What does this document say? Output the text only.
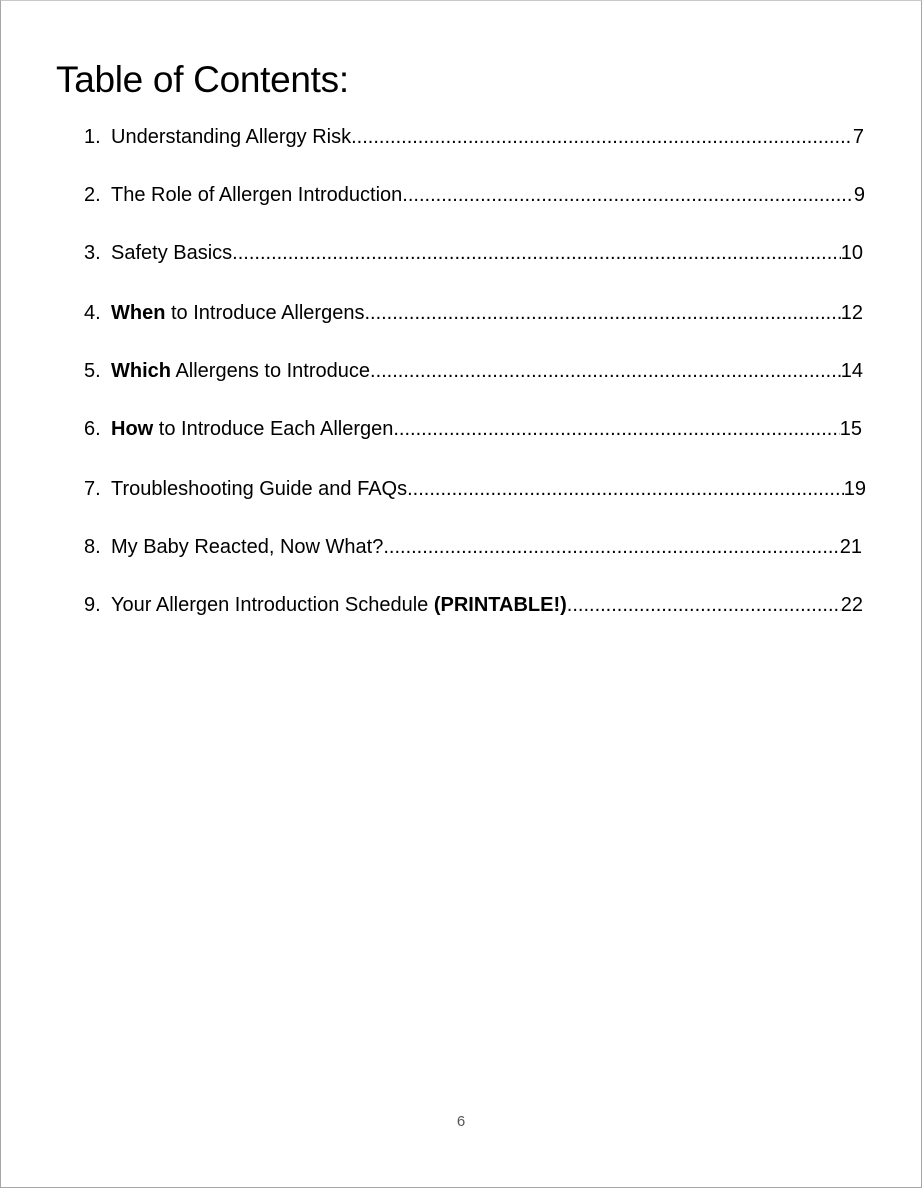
Table of Contents:
1. Understanding Allergy Risk .....	7
2. The Role of Allergen Introduction .....	9
3. Safety Basics .....	10
4. When to Introduce Allergens .....	12
5. Which Allergens to Introduce .....	14
6. How to Introduce Each Allergen .....	15
7. Troubleshooting Guide and FAQs .....	19
8. My Baby Reacted, Now What? .....	21
9. Your Allergen Introduction Schedule (PRINTABLE!) .....	22
6
